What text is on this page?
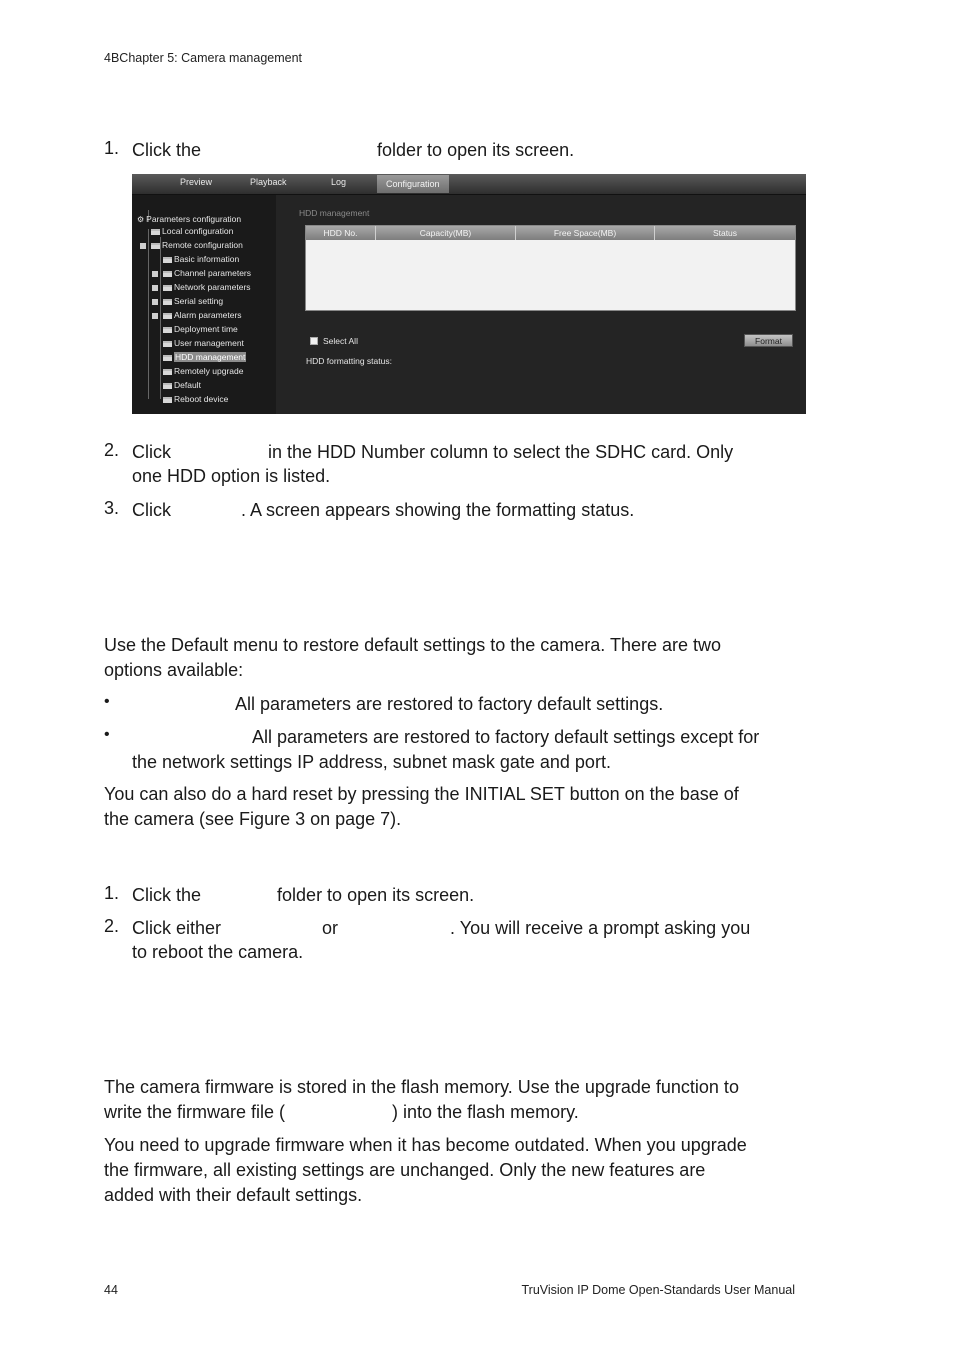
4BChapter 5: Camera management
1. Click the	folder to open its screen.
Preview	Playback	Log	Configuration
⚙ Parameters configuration
Local configuration
Remote configuration
Basic information
Channel parameters
Network parameters
Serial setting
Alarm parameters
Deployment time
User management
HDD management
Remotely upgrade
Default
Reboot device
HDD management
HDD No.	Capacity(MB)	Free Space(MB)	Status
Select All	Format
HDD formatting status:
2. Click	in the HDD Number column to select the SDHC card. Only
one HDD option is listed.
3. Click	. A screen appears showing the formatting status.
Use the Default menu to restore default settings to the camera. There are two
options available:
•	All parameters are restored to factory default settings.
•	All parameters are restored to factory default settings except for
the network settings IP address, subnet mask gate and port.
You can also do a hard reset by pressing the INITIAL SET button on the base of
the camera (see Figure 3 on page 7).
1. Click the	folder to open its screen.
2. Click either	or	. You will receive a prompt asking you
to reboot the camera.
The camera firmware is stored in the flash memory. Use the upgrade function to
write the firmware file (	) into the flash memory.
You need to upgrade firmware when it has become outdated. When you upgrade
the firmware, all existing settings are unchanged. Only the new features are
added with their default settings.
44	TruVision IP Dome Open-Standards User Manual
